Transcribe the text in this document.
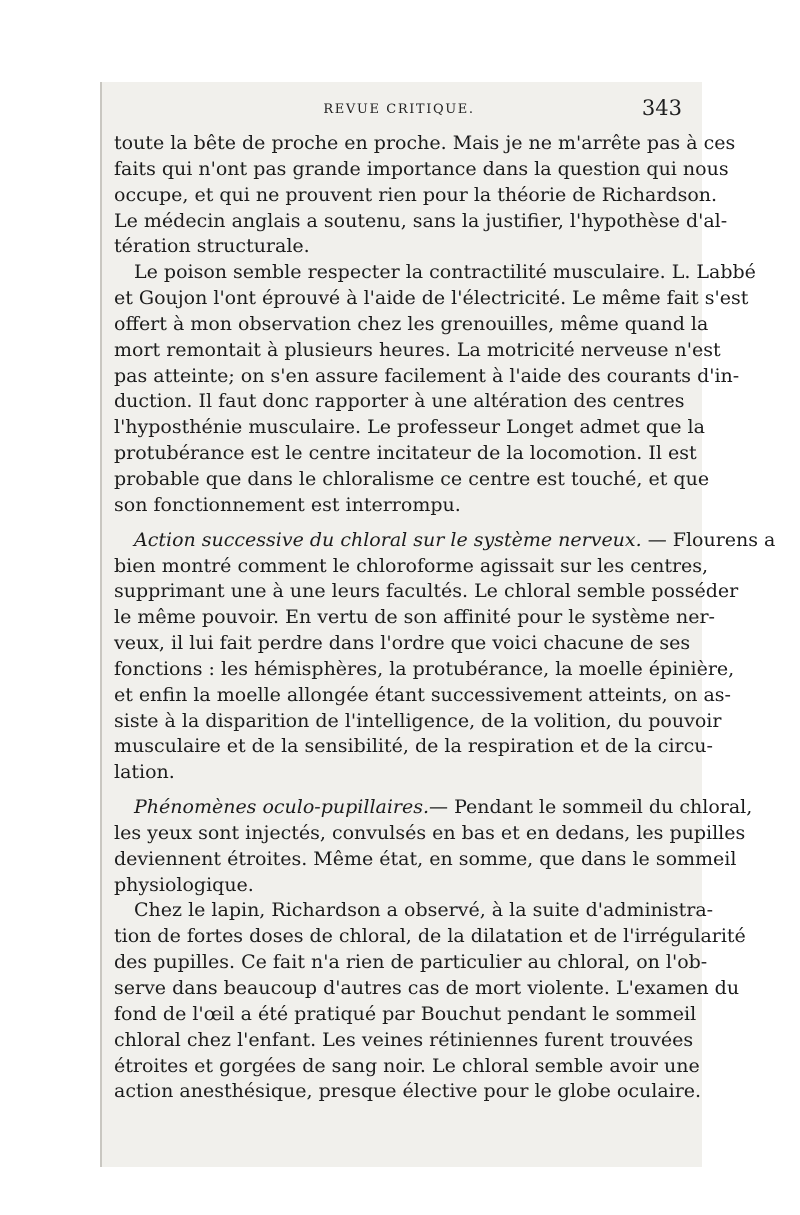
REVUE CRITIQUE.	343
toute la bête de proche en proche. Mais je ne m'arrête pas à ces
faits qui n'ont pas grande importance dans la question qui nous
occupe, et qui ne prouvent rien pour la théorie de Richardson.
Le médecin anglais a soutenu, sans la justifier, l'hypothèse d'al-
tération structurale.
Le poison semble respecter la contractilité musculaire. L. Labbé
et Goujon l'ont éprouvé à l'aide de l'électricité. Le même fait s'est
offert à mon observation chez les grenouilles, même quand la
mort remontait à plusieurs heures. La motricité nerveuse n'est
pas atteinte; on s'en assure facilement à l'aide des courants d'in-
duction. Il faut donc rapporter à une altération des centres
l'hyposthénie musculaire. Le professeur Longet admet que la
protubérance est le centre incitateur de la locomotion. Il est
probable que dans le chloralisme ce centre est touché, et que
son fonctionnement est interrompu.
Action successive du chloral sur le système nerveux. — Flourens a
bien montré comment le chloroforme agissait sur les centres,
supprimant une à une leurs facultés. Le chloral semble posséder
le même pouvoir. En vertu de son affinité pour le système ner-
veux, il lui fait perdre dans l'ordre que voici chacune de ses
fonctions : les hémisphères, la protubérance, la moelle épinière,
et enfin la moelle allongée étant successivement atteints, on as-
siste à la disparition de l'intelligence, de la volition, du pouvoir
musculaire et de la sensibilité, de la respiration et de la circu-
lation.
Phénomènes oculo-pupillaires.— Pendant le sommeil du chloral,
les yeux sont injectés, convulsés en bas et en dedans, les pupilles
deviennent étroites. Même état, en somme, que dans le sommeil
physiologique.
Chez le lapin, Richardson a observé, à la suite d'administra-
tion de fortes doses de chloral, de la dilatation et de l'irrégularité
des pupilles. Ce fait n'a rien de particulier au chloral, on l'ob-
serve dans beaucoup d'autres cas de mort violente. L'examen du
fond de l'œil a été pratiqué par Bouchut pendant le sommeil
chloral chez l'enfant. Les veines rétiniennes furent trouvées
étroites et gorgées de sang noir. Le chloral semble avoir une
action anesthésique, presque élective pour le globe oculaire.
